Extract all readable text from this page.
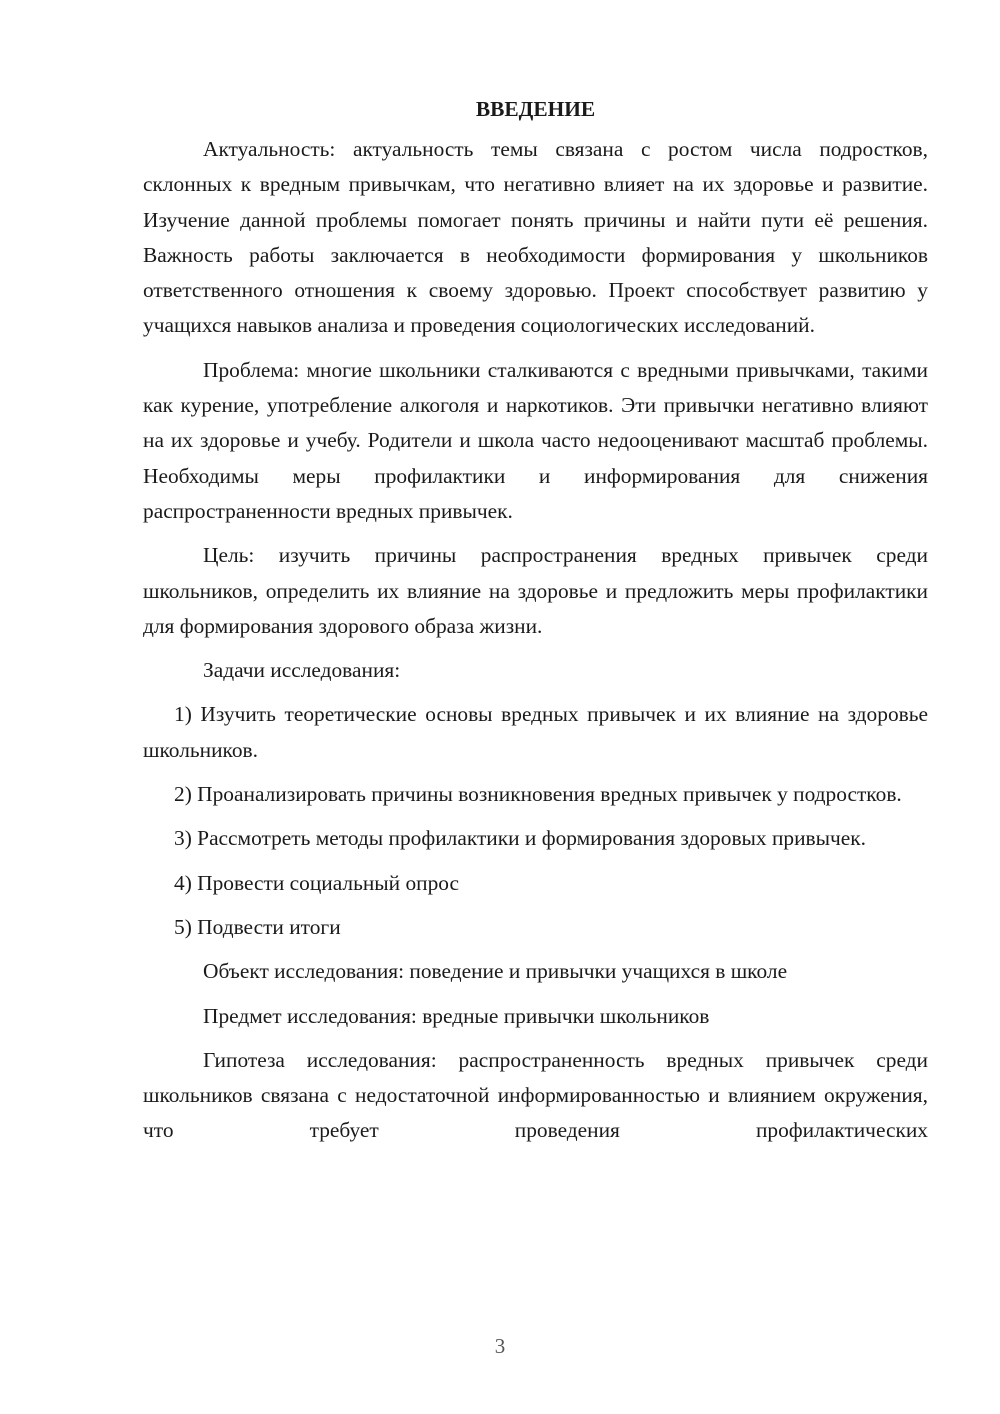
ВВЕДЕНИЕ

Актуальность: актуальность темы связана с ростом числа подростков, склонных к вредным привычкам, что негативно влияет на их здоровье и развитие. Изучение данной проблемы помогает понять причины и найти пути её решения. Важность работы заключается в необходимости формирования у школьников ответственного отношения к своему здоровью. Проект способствует развитию у учащихся навыков анализа и проведения социологических исследований.

Проблема: многие школьники сталкиваются с вредными привычками, такими как курение, употребление алкоголя и наркотиков. Эти привычки негативно влияют на их здоровье и учебу. Родители и школа часто недооценивают масштаб проблемы. Необходимы меры профилактики и информирования для снижения распространенности вредных привычек.

Цель: изучить причины распространения вредных привычек среди школьников, определить их влияние на здоровье и предложить меры профилактики для формирования здорового образа жизни.

Задачи исследования:

1) Изучить теоретические основы вредных привычек и их влияние на здоровье школьников.

2) Проанализировать причины возникновения вредных привычек у подростков.

3) Рассмотреть методы профилактики и формирования здоровых привычек.

4) Провести социальный опрос

5) Подвести итоги

Объект исследования: поведение и привычки учащихся в школе

Предмет исследования: вредные привычки школьников

Гипотеза исследования: распространенность вредных привычек среди школьников связана с недостаточной информированностью и влиянием окружения, что требует проведения профилактических

3
